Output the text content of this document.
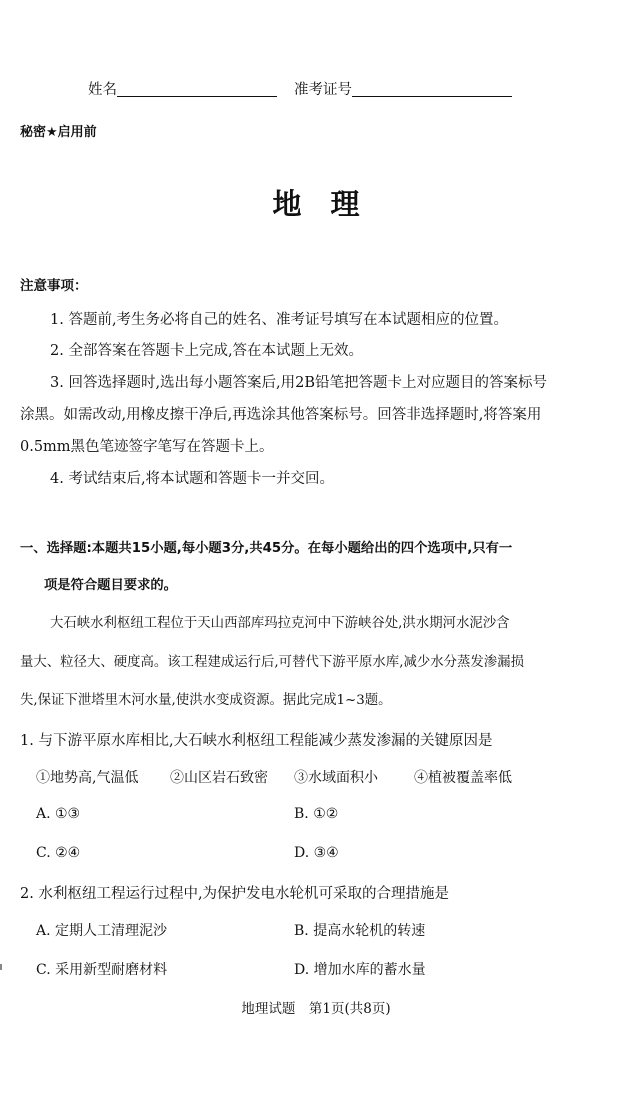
姓名	准考证号
秘密★启用前
地　理
注意事项：
1. 答题前,考生务必将自己的姓名、准考证号填写在本试题相应的位置。
2. 全部答案在答题卡上完成,答在本试题上无效。
3. 回答选择题时,选出每小题答案后,用2B铅笔把答题卡上对应题目的答案标号
涂黑。如需改动,用橡皮擦干净后,再选涂其他答案标号。回答非选择题时,将答案用
0.5mm黑色笔迹签字笔写在答题卡上。
4. 考试结束后,将本试题和答题卡一并交回。
一、选择题:本题共15小题,每小题3分,共45分。在每小题给出的四个选项中,只有一
项是符合题目要求的。
大石峡水利枢纽工程位于天山西部库玛拉克河中下游峡谷处,洪水期河水泥沙含
量大、粒径大、硬度高。该工程建成运行后,可替代下游平原水库,减少水分蒸发渗漏损
失,保证下泄塔里木河水量,使洪水变成资源。据此完成1~3题。
1. 与下游平原水库相比,大石峡水利枢纽工程能减少蒸发渗漏的关键原因是
①地势高,气温低 ②山区岩石致密 ③水域面积小	④植被覆盖率低
A. ①③	B. ①②
C. ②④	D. ③④
2. 水利枢纽工程运行过程中,为保护发电水轮机可采取的合理措施是
A. 定期人工清理泥沙	B. 提高水轮机的转速
C. 采用新型耐磨材料	D. 增加水库的蓄水量
地理试题　第1页(共8页)
